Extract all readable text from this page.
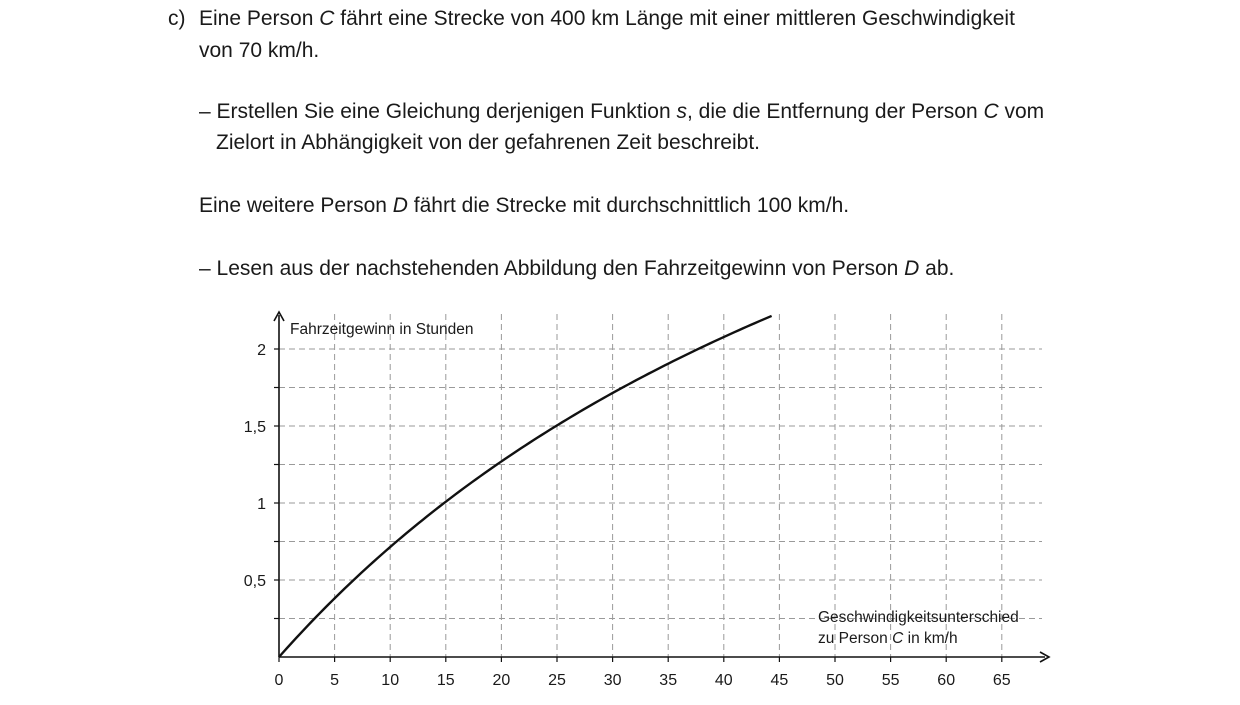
c) Eine Person C fährt eine Strecke von 400 km Länge mit einer mittleren Geschwindigkeit
von 70 km/h.
– Erstellen Sie eine Gleichung derjenigen Funktion s, die die Entfernung der Person C vom
Zielort in Abhängigkeit von der gefahrenen Zeit beschreibt.
Eine weitere Person D fährt die Strecke mit durchschnittlich 100 km/h.
– Lesen aus der nachstehenden Abbildung den Fahrzeitgewinn von Person D ab.
0	5	10 15 20 25 30 35 40 45 50 55 60 65
0,5
1
1,5
2
Fahrzeitgewinn in Stunden
Geschwindigkeitsunterschied
zu Person C in km/h
